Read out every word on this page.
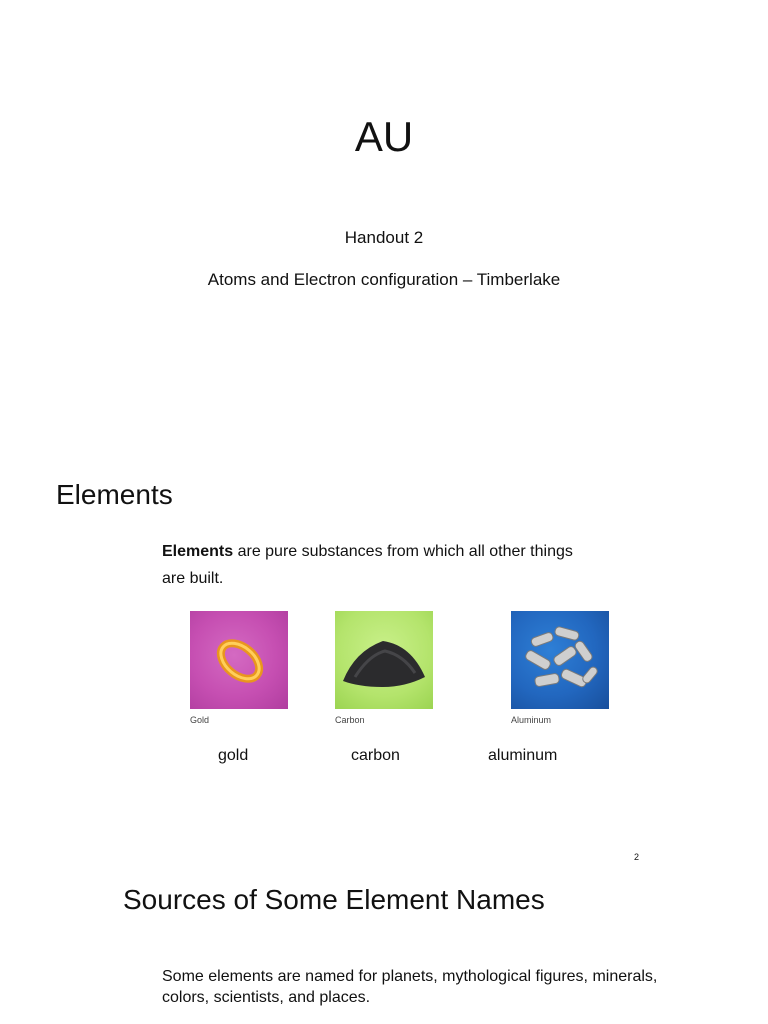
AU
Handout 2
Atoms and Electron configuration – Timberlake
Elements
Elements are pure substances from which all other things are built.
Gold	Carbon	Aluminum
gold	carbon	aluminum
2
Sources of Some Element Names
Some elements are named for planets, mythological figures, minerals, colors, scientists, and places.
